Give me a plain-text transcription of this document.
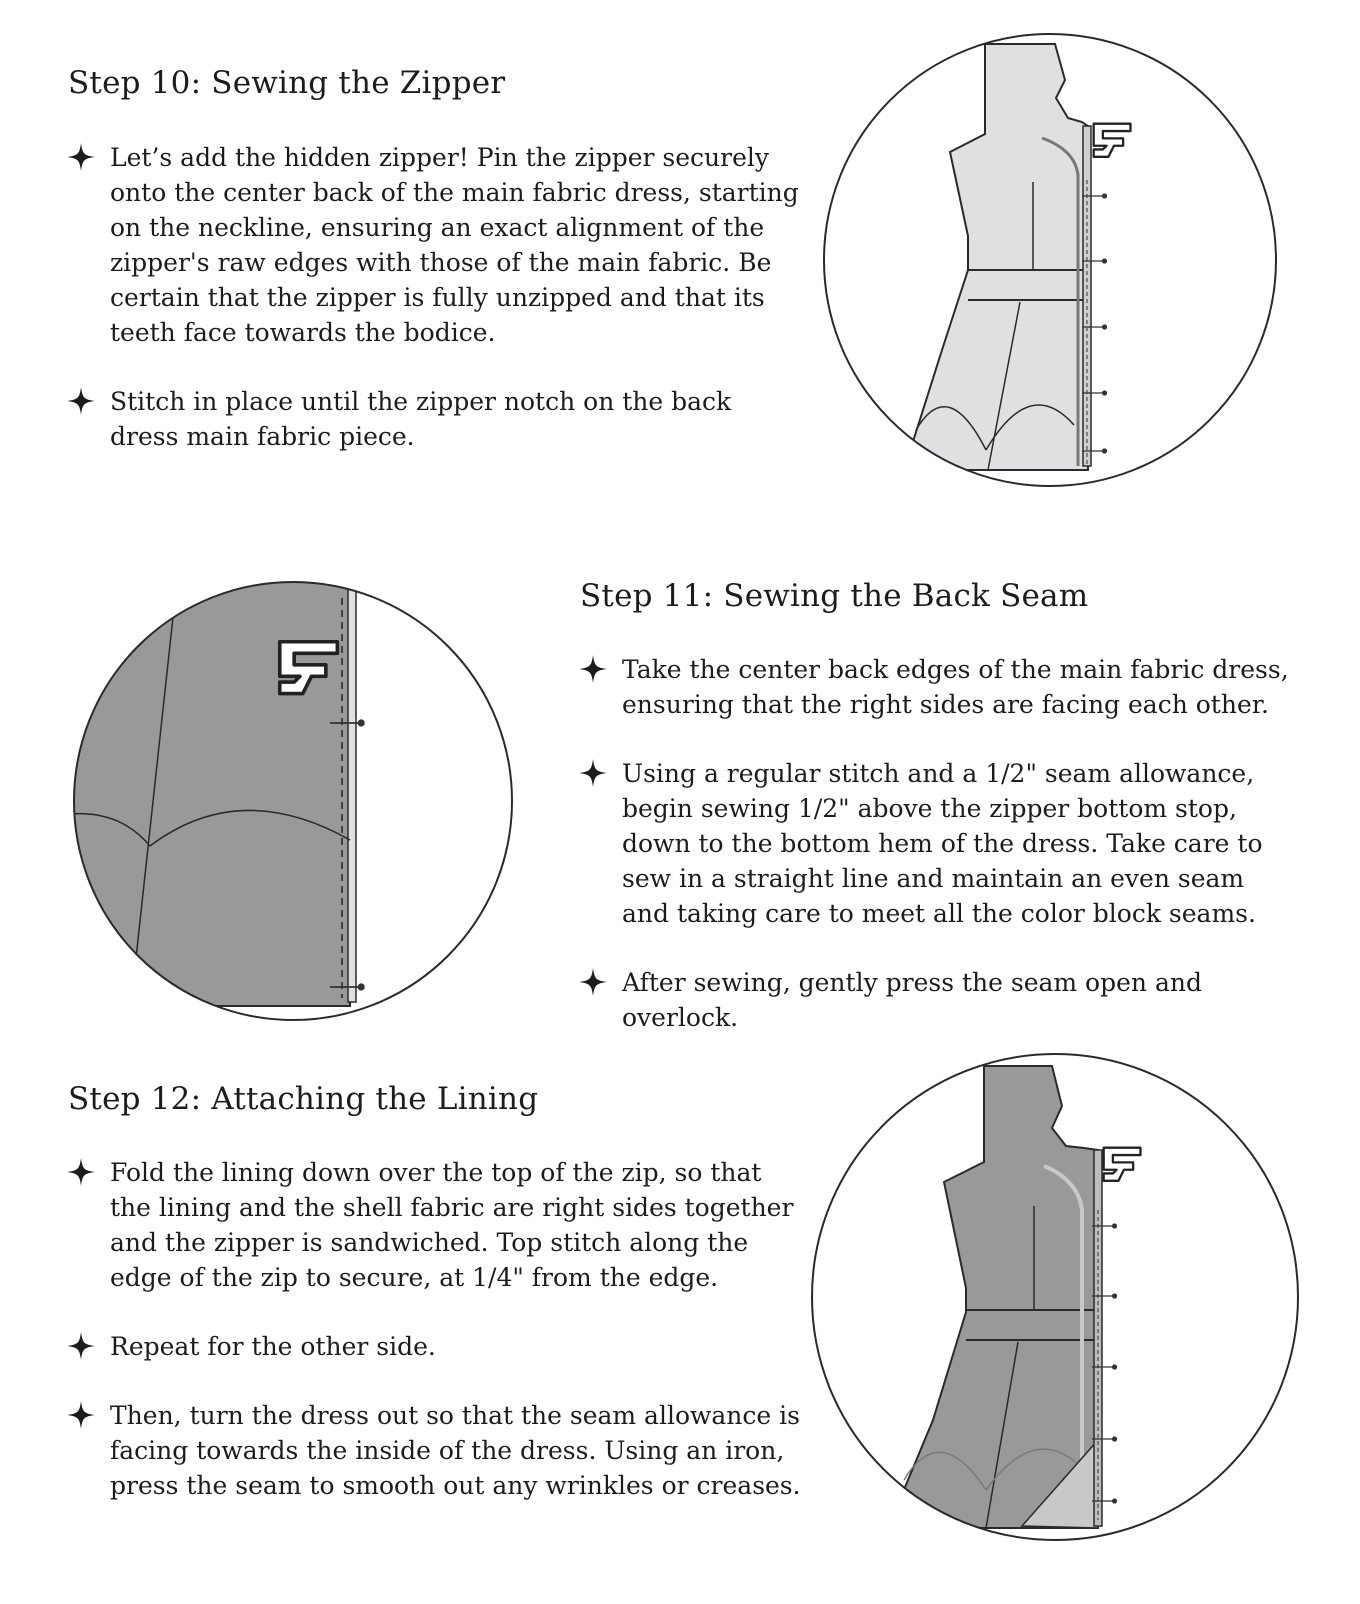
Step 10: Sewing the Zipper
Let’s add the hidden zipper! Pin the zipper securely onto the center back of the main fabric dress, starting on the neckline, ensuring an exact alignment of the zipper's raw edges with those of the main fabric. Be certain that the zipper is fully unzipped and that its teeth face towards the bodice.
Stitch in place until the zipper notch on the back dress main fabric piece.
Step 11: Sewing the Back Seam
Take the center back edges of the main fabric dress, ensuring that the right sides are facing each other.
Using a regular stitch and a 1/2" seam allowance, begin sewing 1/2" above the zipper bottom stop, down to the bottom hem of the dress. Take care to sew in a straight line and maintain an even seam and taking care to meet all the color block seams.
After sewing, gently press the seam open and overlock.
Step 12: Attaching the Lining
Fold the lining down over the top of the zip, so that the lining and the shell fabric are right sides together and the zipper is sandwiched. Top stitch along the edge of the zip to secure, at 1/4" from the edge.
Repeat for the other side.
Then, turn the dress out so that the seam allowance is facing towards the inside of the dress. Using an iron, press the seam to smooth out any wrinkles or creases.
